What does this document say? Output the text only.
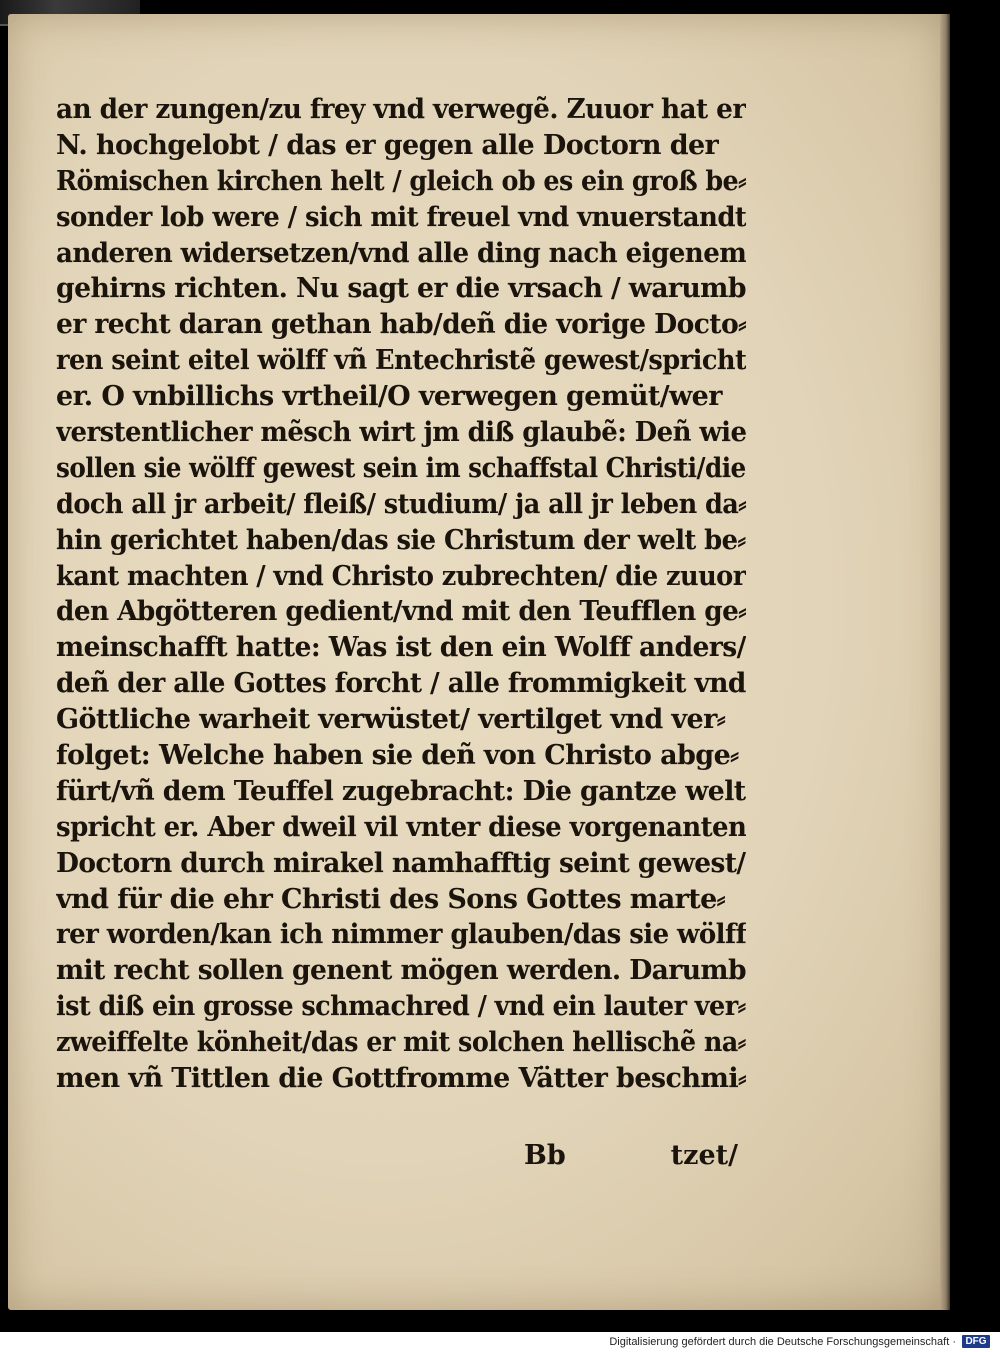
an der zungen/zu frey vnd verwegẽ. Zuuor hat er
N. hochgelobt / das er gegen alle Doctorn der
Römischen kirchen helt / gleich ob es ein groß be⸗
sonder lob were / sich mit freuel vnd vnuerstandt
anderen widersetzen/vnd alle ding nach eigenem
gehirns richten. Nu sagt er die vrsach / warumb
er recht daran gethan hab/deñ die vorige Docto⸗
ren seint eitel wölff vñ Entechristẽ gewest/spricht
er. O vnbillichs vrtheil/O verwegen gemüt/wer
verstentlicher mẽsch wirt jm diß glaubẽ: Deñ wie
sollen sie wölff gewest sein im schaffstal Christi/die
doch all jr arbeit/ fleiß/ studium/ ja all jr leben da⸗
hin gerichtet haben/das sie Christum der welt be⸗
kant machten / vnd Christo zubrechten/ die zuuor
den Abgötteren gedient/vnd mit den Teufflen ge⸗
meinschafft hatte: Was ist den ein Wolff anders/
deñ der alle Gottes forcht / alle frommigkeit vnd
Göttliche warheit verwüstet/ vertilget vnd ver⸗
folget: Welche haben sie deñ von Christo abge⸗
fürt/vñ dem Teuffel zugebracht: Die gantze welt
spricht er. Aber dweil vil vnter diese vorgenanten
Doctorn durch mirakel namhafftig seint gewest/
vnd für die ehr Christi des Sons Gottes marte⸗
rer worden/kan ich nimmer glauben/das sie wölff
mit recht sollen genent mögen werden. Darumb
ist diß ein grosse schmachred / vnd ein lauter ver⸗
zweiffelte könheit/das er mit solchen hellischẽ na⸗
men vñ Tittlen die Gottfromme Vätter beschmi⸗
Bb	tzet/
Digitalisierung gefördert durch die Deutsche Forschungsgemeinschaft · DFG
